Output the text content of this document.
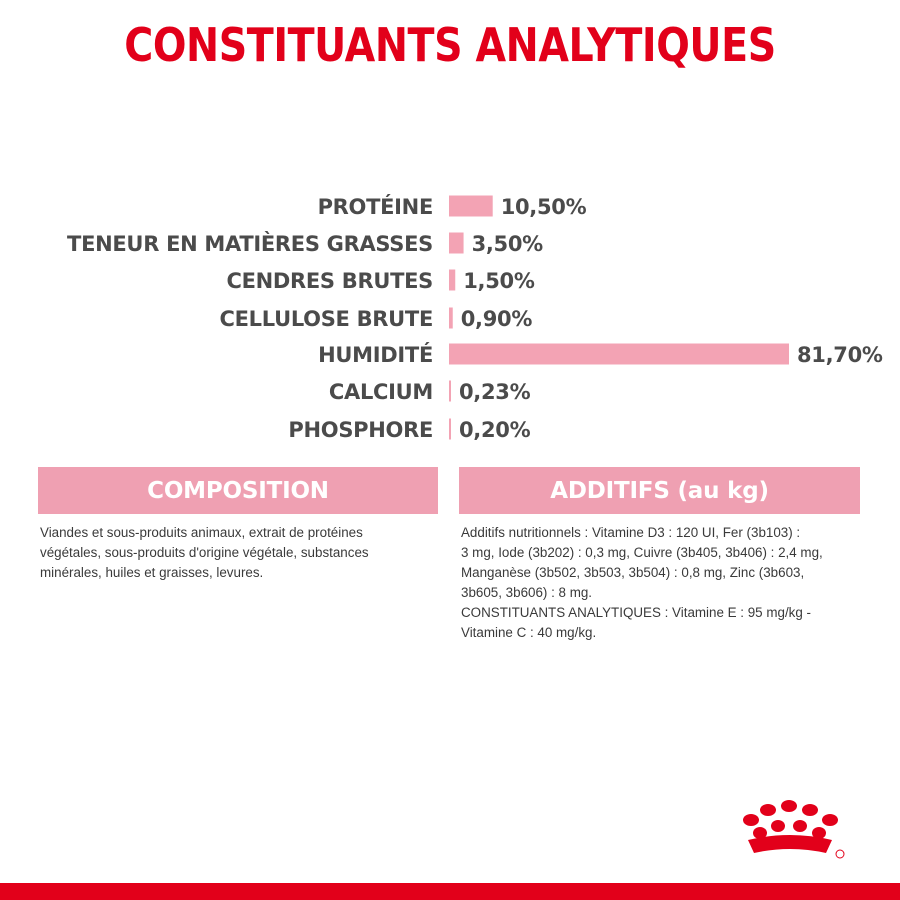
CONSTITUANTS ANALYTIQUES
PROTÉINE	10,50%
TENEUR EN MATIÈRES GRASSES 3,50%
CENDRES BRUTES 1,50%
CELLULOSE BRUTE 0,90%
HUMIDITÉ	81,70%
CALCIUM 0,23%
PHOSPHORE 0,20%
COMPOSITION	ADDITIFS (au kg)
Viandes et sous-produits animaux, extrait de protéines
végétales, sous-produits d'origine végétale, substances
minérales, huiles et graisses, levures.
Additifs nutritionnels : Vitamine D3 : 120 UI, Fer (3b103) :
3 mg, Iode (3b202) : 0,3 mg, Cuivre (3b405, 3b406) : 2,4 mg,
Manganèse (3b502, 3b503, 3b504) : 0,8 mg, Zinc (3b603,
3b605, 3b606) : 8 mg.
CONSTITUANTS ANALYTIQUES : Vitamine E : 95 mg/kg -
Vitamine C : 40 mg/kg.
